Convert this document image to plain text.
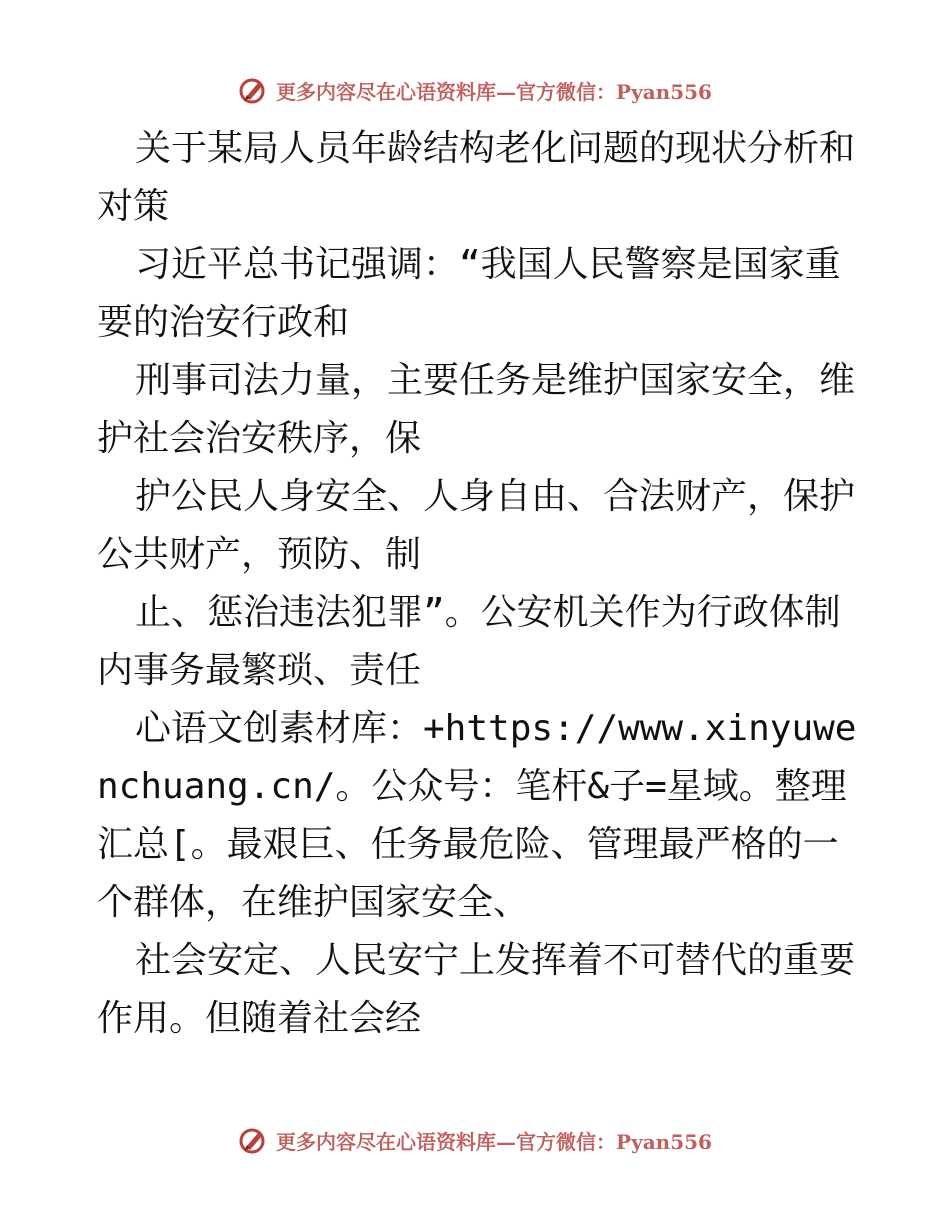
更多内容尽在心语资料库—官方微信：Pyan556

关于某局人员年龄结构老化问题的现状分析和对策

习近平总书记强调：“我国人民警察是国家重要的治安行政和

刑事司法力量，主要任务是维护国家安全，维护社会治安秩序，保

护公民人身安全、人身自由、合法财产，保护公共财产，预防、制

止、惩治违法犯罪”。公安机关作为行政体制内事务最繁琐、责任

心语文创素材库：+https://www.xinyuwenchuang.cn/。公众号：笔杆&子=星域。整理汇总[。最艰巨、任务最危险、管理最严格的一个群体，在维护国家安全、

社会安定、人民安宁上发挥着不可替代的重要作用。但随着社会经

更多内容尽在心语资料库—官方微信：Pyan556
